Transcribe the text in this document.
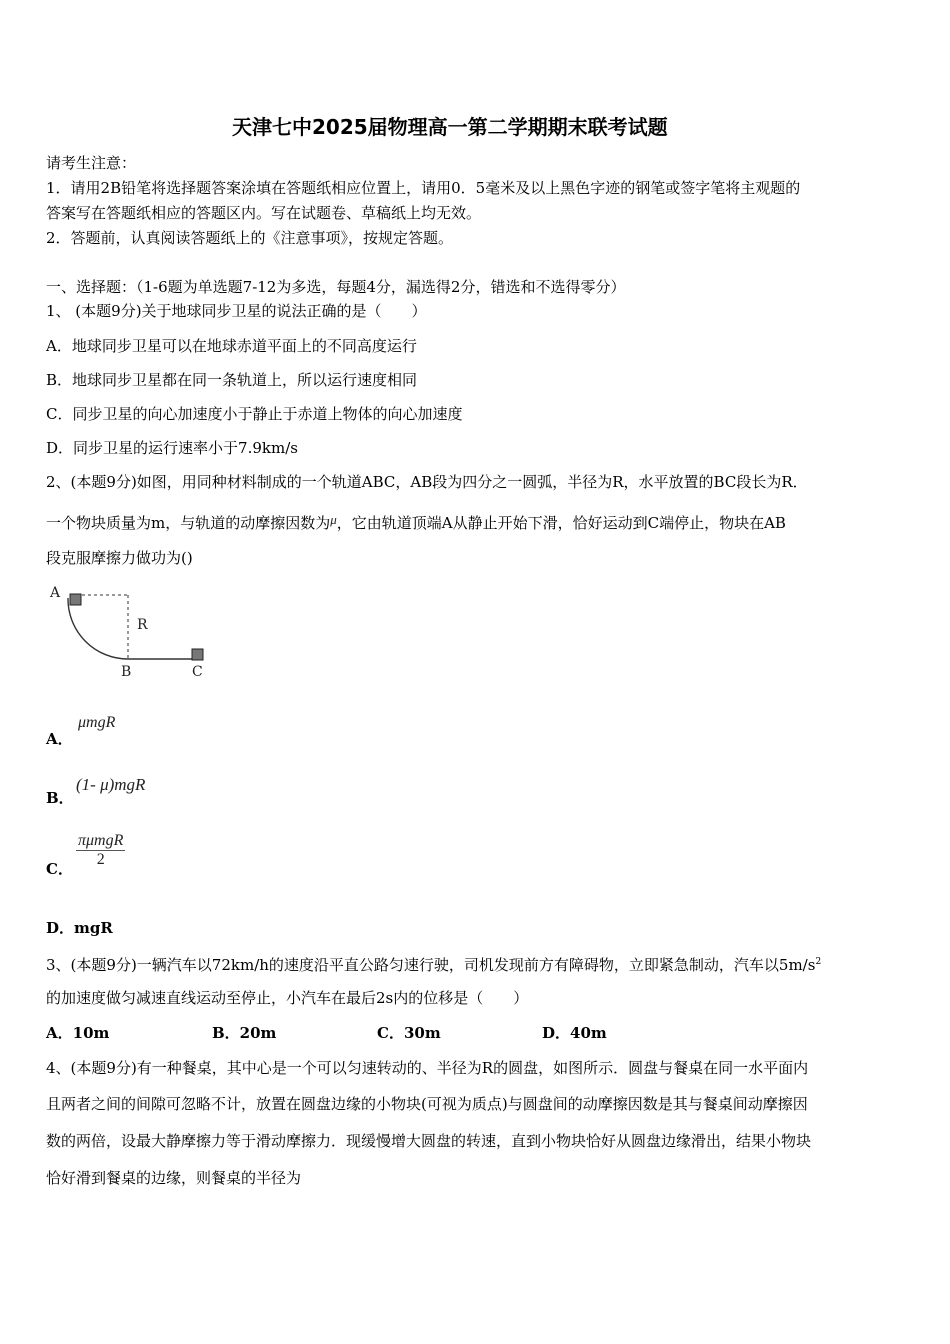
天津七中2025届物理高一第二学期期末联考试题
请考生注意：
1．请用2B铅笔将选择题答案涂填在答题纸相应位置上，请用0．5毫米及以上黑色字迹的钢笔或签字笔将主观题的
答案写在答题纸相应的答题区内。写在试题卷、草稿纸上均无效。
2．答题前，认真阅读答题纸上的《注意事项》，按规定答题。
一、选择题：（1-6题为单选题7-12为多选，每题4分，漏选得2分，错选和不选得零分）
1、 (本题9分)关于地球同步卫星的说法正确的是（　　）
A．地球同步卫星可以在地球赤道平面上的不同高度运行
B．地球同步卫星都在同一条轨道上，所以运行速度相同
C．同步卫星的向心加速度小于静止于赤道上物体的向心加速度
D．同步卫星的运行速率小于7.9km/s
2、(本题9分)如图，用同种材料制成的一个轨道ABC，AB段为四分之一圆弧，半径为R，水平放置的BC段长为R．
一个物块质量为m，与轨道的动摩擦因数为μ，它由轨道顶端A从静止开始下滑，恰好运动到C端停止，物块在AB
段克服摩擦力做功为()
A
R
B	C
A．
μmgR
B．
(1- μ)mgR
C．
πμmgR
2
D．mgR
3、(本题9分)一辆汽车以72km/h的速度沿平直公路匀速行驶，司机发现前方有障碍物，立即紧急制动，汽车以$5m/s^2$
的加速度做匀减速直线运动至停止，小汽车在最后2s内的位移是（　　）
A．10m	B．20m	C．30m	D．40m
4、(本题9分)有一种餐桌，其中心是一个可以匀速转动的、半径为R的圆盘，如图所示．圆盘与餐桌在同一水平面内
且两者之间的间隙可忽略不计，放置在圆盘边缘的小物块(可视为质点)与圆盘间的动摩擦因数是其与餐桌间动摩擦因
数的两倍，设最大静摩擦力等于滑动摩擦力．现缓慢增大圆盘的转速，直到小物块恰好从圆盘边缘滑出，结果小物块
恰好滑到餐桌的边缘，则餐桌的半径为
